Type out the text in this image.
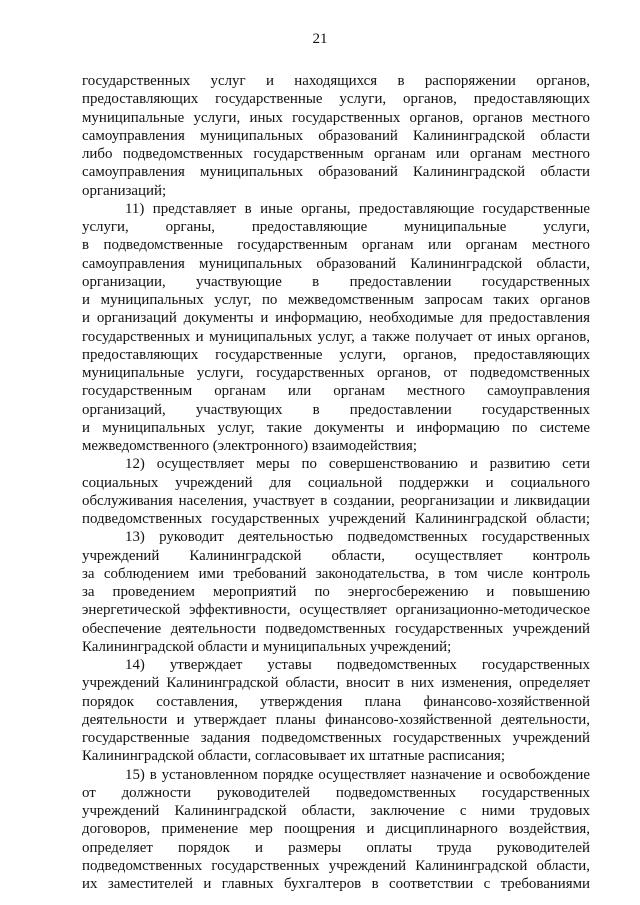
21
государственных услуг и находящихся в распоряжении органов,
предоставляющих государственные услуги, органов, предоставляющих
муниципальные услуги, иных государственных органов, органов местного
самоуправления муниципальных образований Калининградской области
либо подведомственных государственным органам или органам местного
самоуправления муниципальных образований Калининградской области
организаций;
11) представляет в иные органы, предоставляющие государственные
услуги, органы, предоставляющие муниципальные услуги,
в подведомственные государственным органам или органам местного
самоуправления муниципальных образований Калининградской области,
организации, участвующие в предоставлении государственных
и муниципальных услуг, по межведомственным запросам таких органов
и организаций документы и информацию, необходимые для предоставления
государственных и муниципальных услуг, а также получает от иных органов,
предоставляющих государственные услуги, органов, предоставляющих
муниципальные услуги, государственных органов, от подведомственных
государственным органам или органам местного самоуправления
организаций, участвующих в предоставлении государственных
и муниципальных услуг, такие документы и информацию по системе
межведомственного (электронного) взаимодействия;
12) осуществляет меры по совершенствованию и развитию сети
социальных учреждений для социальной поддержки и социального
обслуживания населения, участвует в создании, реорганизации и ликвидации
подведомственных государственных учреждений Калининградской области;
13) руководит деятельностью подведомственных государственных
учреждений Калининградской области, осуществляет контроль
за соблюдением ими требований законодательства, в том числе контроль
за проведением мероприятий по энергосбережению и повышению
энергетической эффективности, осуществляет организационно-методическое
обеспечение деятельности подведомственных государственных учреждений
Калининградской области и муниципальных учреждений;
14) утверждает уставы подведомственных государственных
учреждений Калининградской области, вносит в них изменения, определяет
порядок составления, утверждения плана финансово-хозяйственной
деятельности и утверждает планы финансово-хозяйственной деятельности,
государственные задания подведомственных государственных учреждений
Калининградской области, согласовывает их штатные расписания;
15) в установленном порядке осуществляет назначение и освобождение
от должности руководителей подведомственных государственных
учреждений Калининградской области, заключение с ними трудовых
договоров, применение мер поощрения и дисциплинарного воздействия,
определяет порядок и размеры оплаты труда руководителей
подведомственных государственных учреждений Калининградской области,
их заместителей и главных бухгалтеров в соответствии с требованиями
